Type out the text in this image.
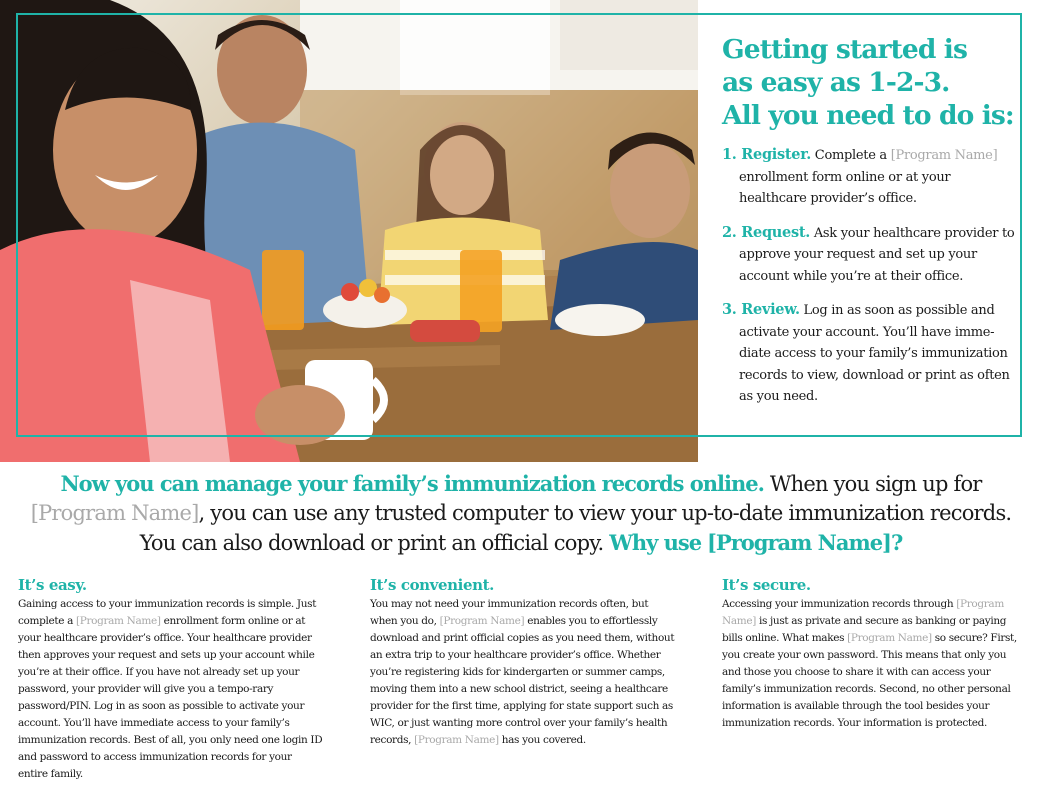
Getting started is
as easy as 1-2-3.
All you need to do is:
1. Register. Complete a [Program Name] enrollment form online or at your healthcare provider’s office.
2. Request. Ask your healthcare provider to approve your request and set up your account while you’re at their office.
3. Review. Log in as soon as possible and activate your account. You’ll have imme-diate access to your family’s immunization records to view, download or print as often as you need.

Now you can manage your family’s immunization records online. When you sign up for
[Program Name], you can use any trusted computer to view your up-to-date immunization records. You can also download or print an official copy. Why use [Program Name]?

It’s easy.

Gaining access to your immunization records is simple. Just complete a [Program Name] enrollment form online or at your healthcare provider’s office. Your healthcare provider then approves your request and sets up your account while you’re at their office. If you have not already set up your password, your provider will give you a tempo-rary password/PIN. Log in as soon as possible to activate your account. You’ll have immediate access to your family’s immunization records. Best of all, you only need one login ID and password to access immunization records for your entire family.

It’s convenient.

You may not need your immunization records often, but when you do, [Program Name] enables you to effortlessly download and print official copies as you need them, without an extra trip to your healthcare provider’s office. Whether you’re registering kids for kindergarten or summer camps, moving them into a new school district, seeing a healthcare provider for the first time, applying for state support such as WIC, or just wanting more control over your family’s health records, [Program Name] has you covered.

It’s secure.

Accessing your immunization records through [Program Name] is just as private and secure as banking or paying bills online. What makes [Program Name] so secure? First, you create your own password. This means that only you and those you choose to share it with can access your family’s immunization records. Second, no other personal information is available through the tool besides your immunization records. Your information is protected.
